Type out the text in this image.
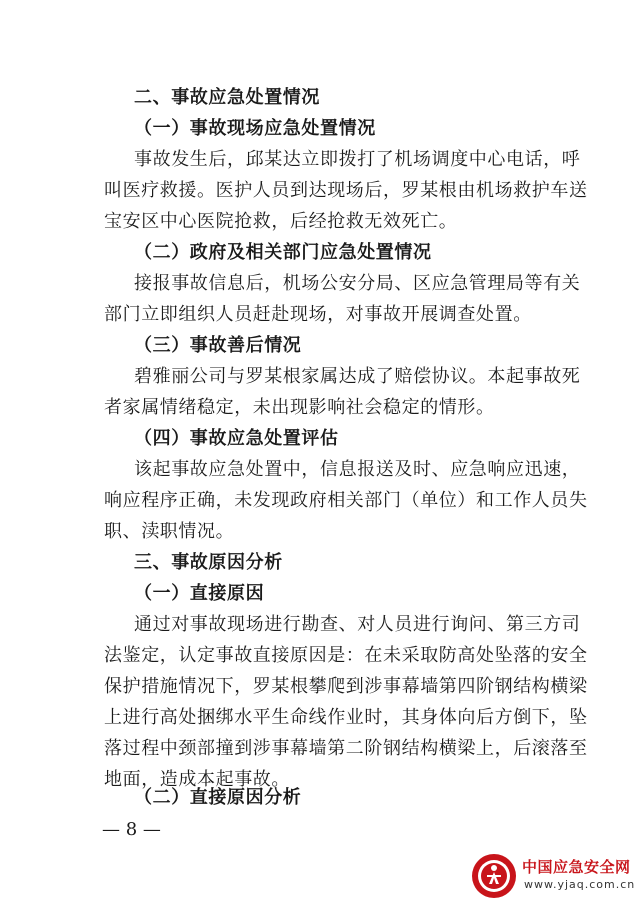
二、事故应急处置情况
（一）事故现场应急处置情况
事故发生后，邱某达立即拨打了机场调度中心电话，呼
叫医疗救援。医护人员到达现场后，罗某根由机场救护车送
宝安区中心医院抢救，后经抢救无效死亡。
（二）政府及相关部门应急处置情况
接报事故信息后，机场公安分局、区应急管理局等有关
部门立即组织人员赶赴现场，对事故开展调查处置。
（三）事故善后情况
碧雅丽公司与罗某根家属达成了赔偿协议。本起事故死
者家属情绪稳定，未出现影响社会稳定的情形。
（四）事故应急处置评估
该起事故应急处置中，信息报送及时、应急响应迅速，
响应程序正确，未发现政府相关部门（单位）和工作人员失
职、渎职情况。
三、事故原因分析
（一）直接原因
通过对事故现场进行勘查、对人员进行询问、第三方司
法鉴定，认定事故直接原因是：在未采取防高处坠落的安全
保护措施情况下，罗某根攀爬到涉事幕墙第四阶钢结构横梁
上进行高处捆绑水平生命线作业时，其身体向后方倒下，坠
落过程中颈部撞到涉事幕墙第二阶钢结构横梁上，后滚落至
地面，造成本起事故。
（二）直接原因分析
— 8 —
中国应急安全网
www.yjaq.com.cn
